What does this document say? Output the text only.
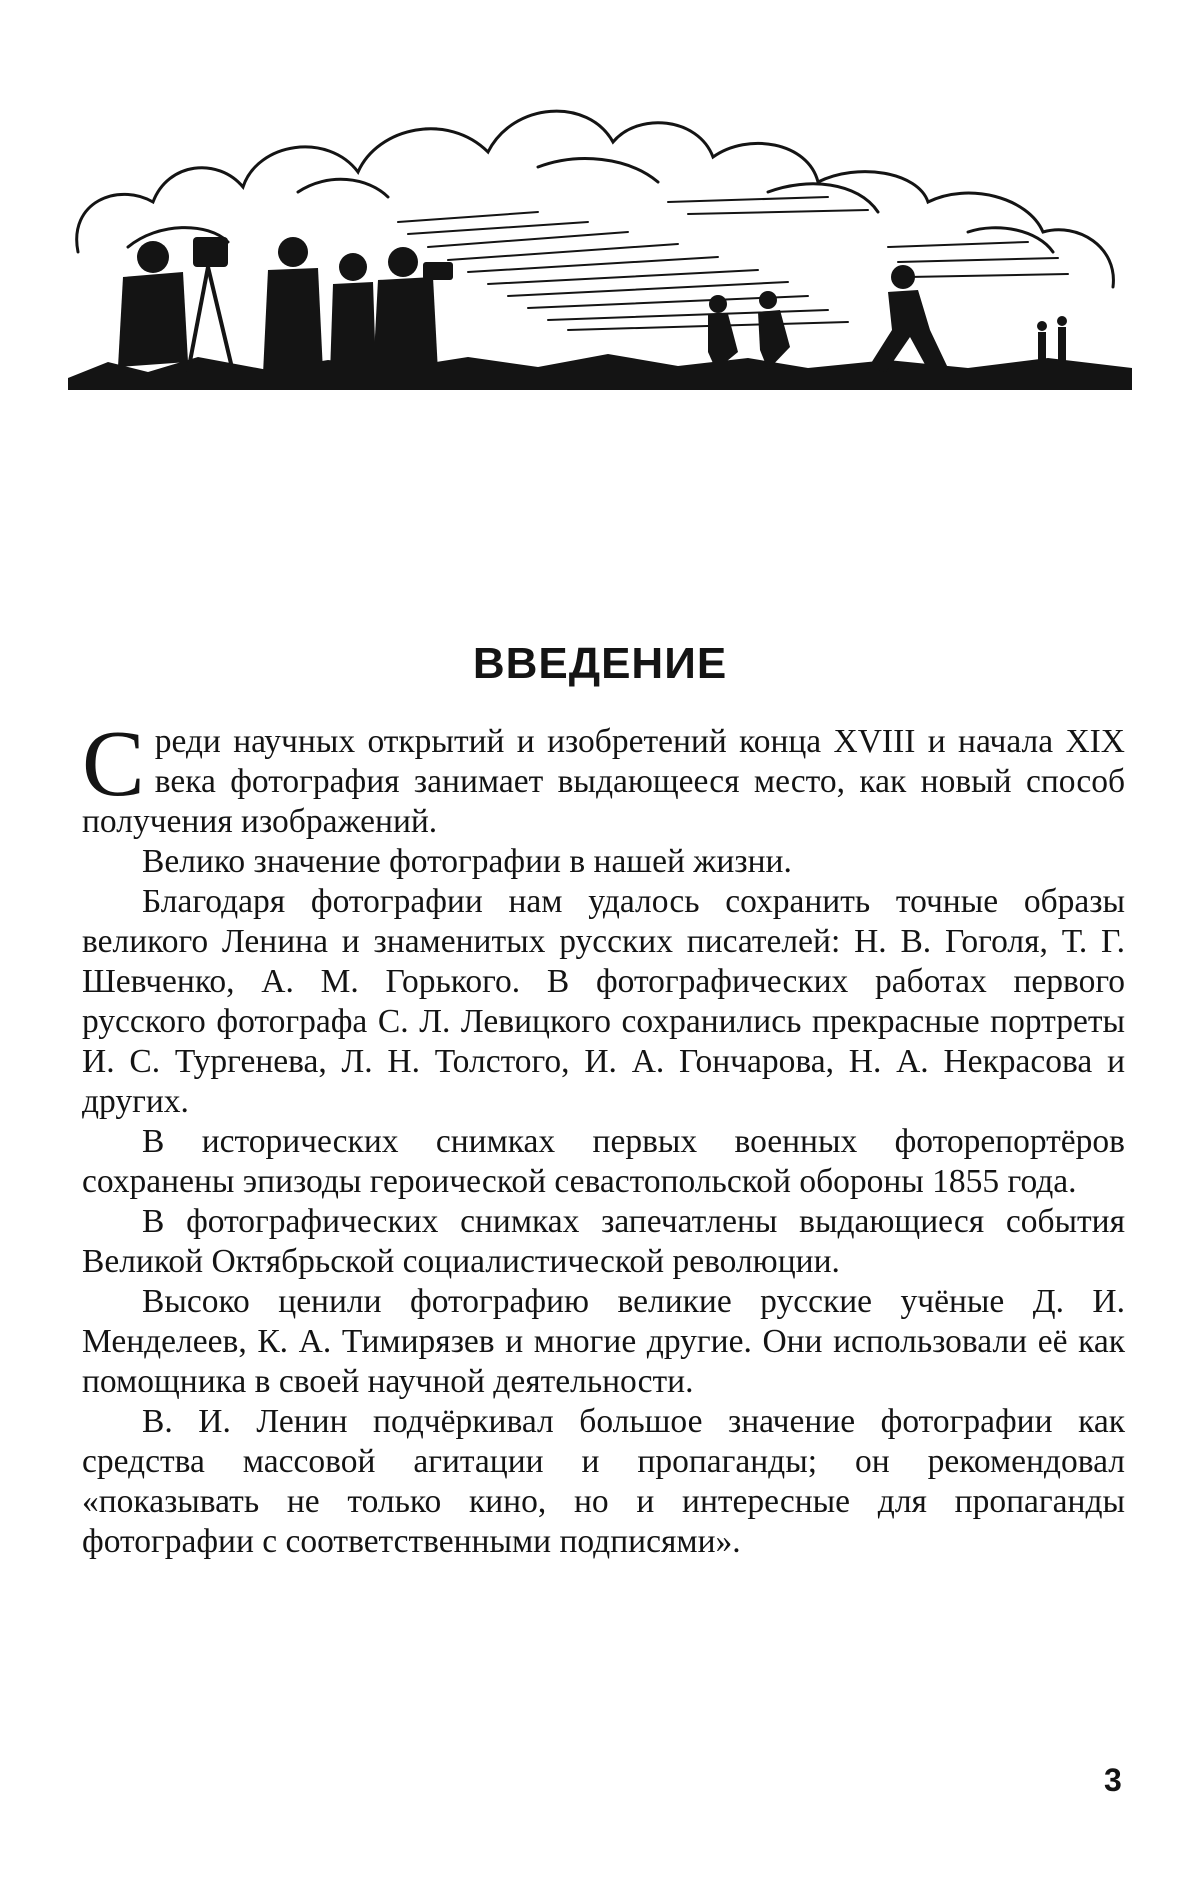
ВВЕДЕНИЕ

Среди научных открытий и изобретений конца XVIII и начала XIX века фотография занимает выдающееся место, как новый способ получения изображений.

Велико значение фотографии в нашей жизни.

Благодаря фотографии нам удалось сохранить точные образы великого Ленина и знаменитых русских писателей: Н. В. Гоголя, Т. Г. Шевченко, А. М. Горького. В фотографических работах первого русского фотографа С. Л. Левицкого сохранились прекрасные портреты И. С. Тургенева, Л. Н. Толстого, И. А. Гончарова, Н. А. Некрасова и других.

В исторических снимках первых военных фоторепортёров сохранены эпизоды героической севастопольской обороны 1855 года.

В фотографических снимках запечатлены выдающиеся события Великой Октябрьской социалистической революции.

Высоко ценили фотографию великие русские учёные Д. И. Менделеев, К. А. Тимирязев и многие другие. Они использовали её как помощника в своей научной деятельности.

В. И. Ленин подчёркивал большое значение фотографии как средства массовой агитации и пропаганды; он рекомендовал «показывать не только кино, но и интересные для пропаганды фотографии с соответственными подписями».

3
